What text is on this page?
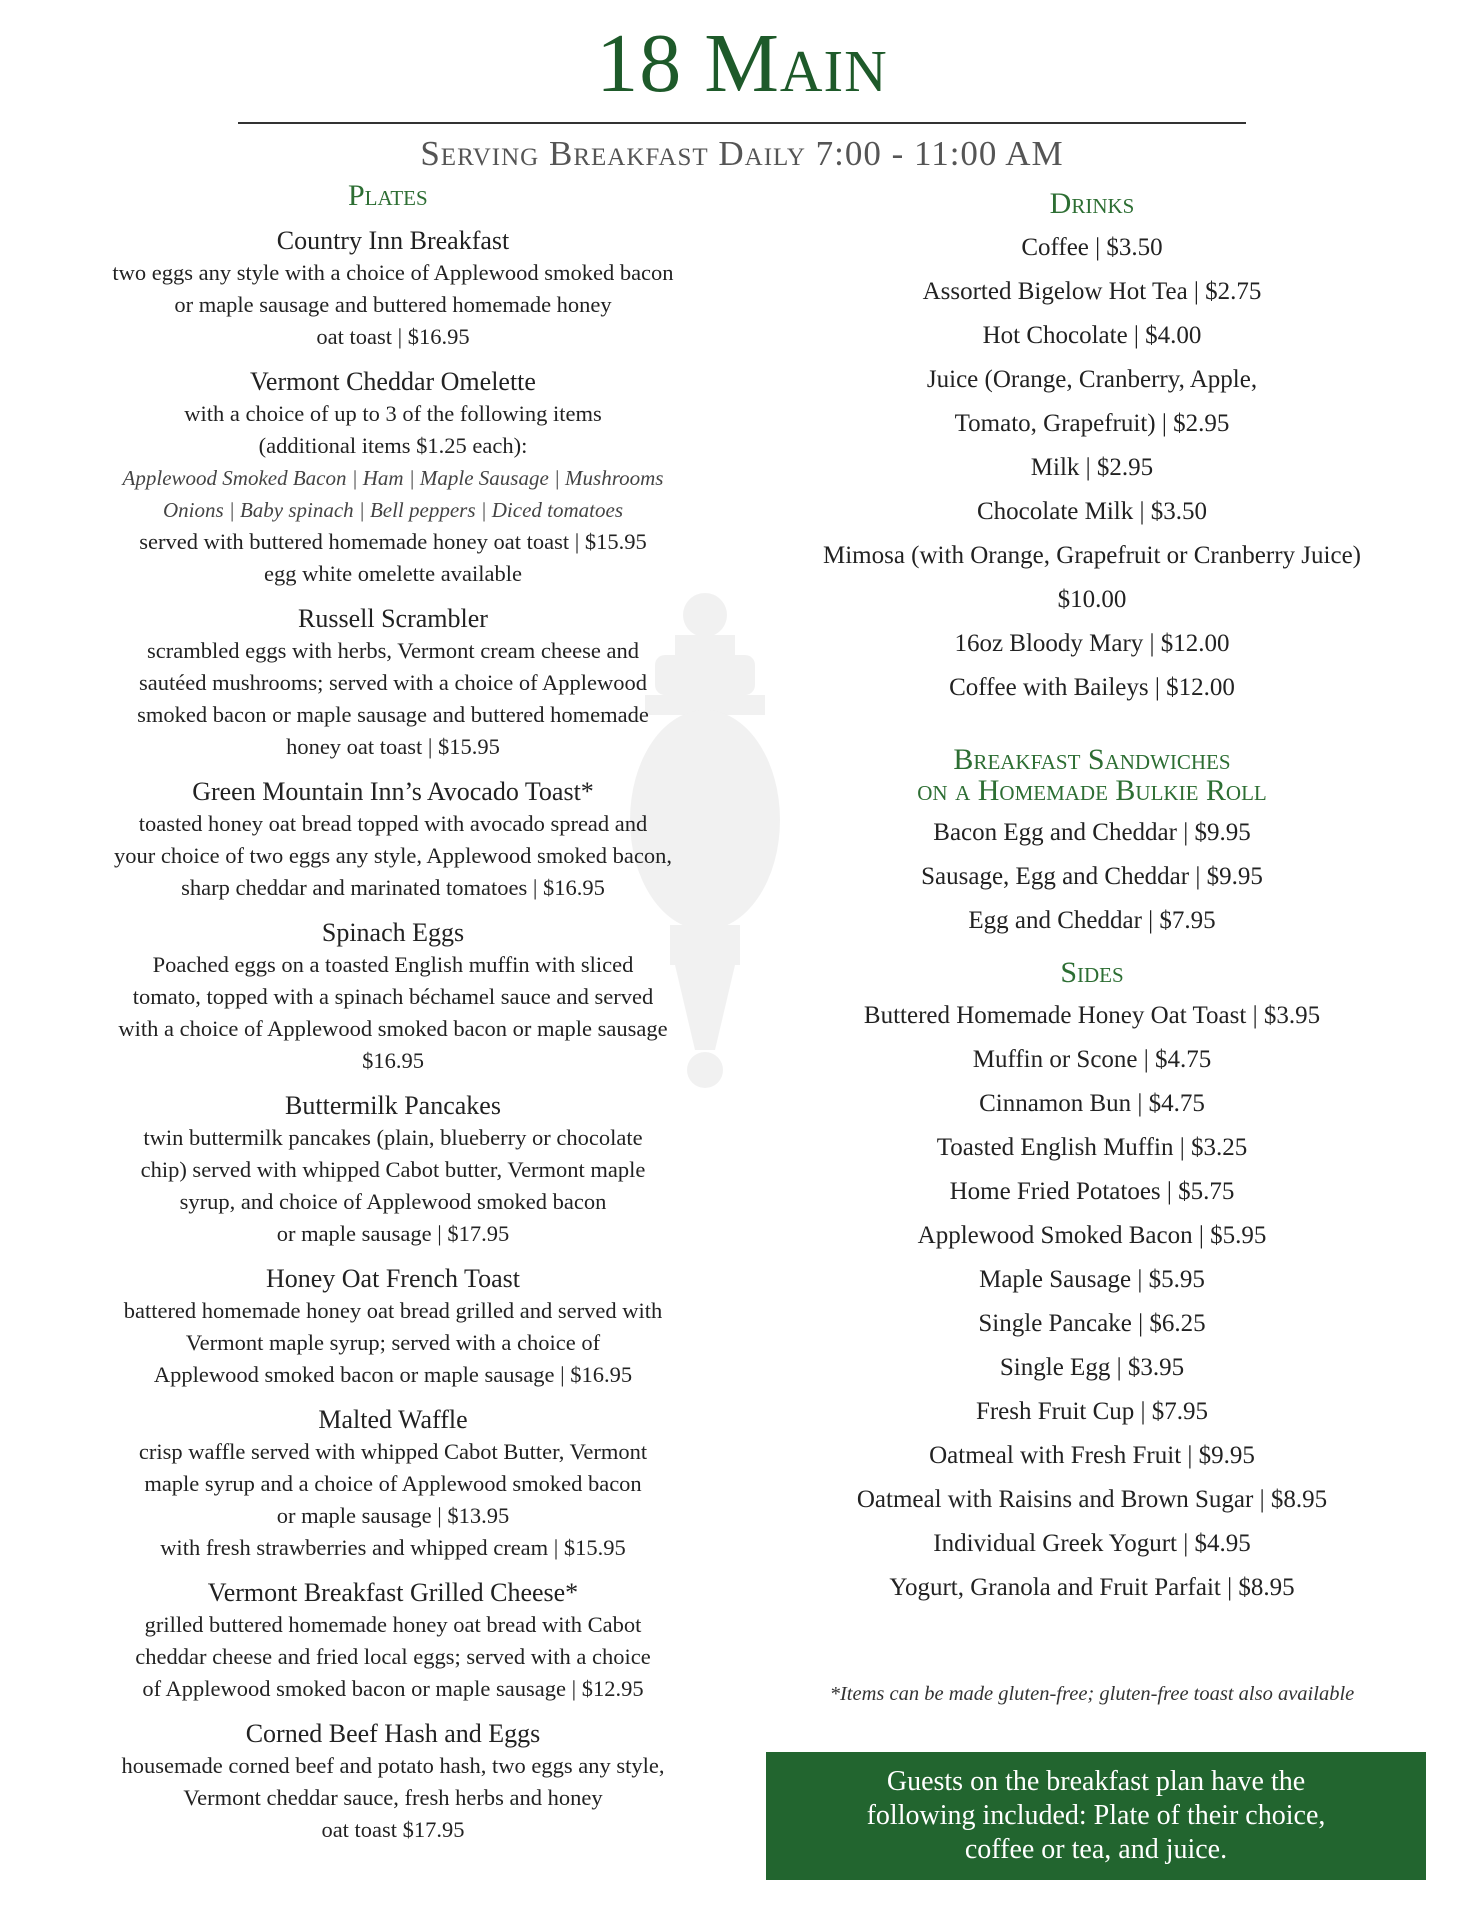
18 Main
Serving Breakfast Daily 7:00 - 11:00 AM
Plates
Country Inn Breakfast
two eggs any style with a choice of Applewood smoked bacon
or maple sausage and buttered homemade honey
oat toast | $16.95
Vermont Cheddar Omelette
with a choice of up to 3 of the following items
(additional items $1.25 each):
Applewood Smoked Bacon | Ham | Maple Sausage | Mushrooms
Onions | Baby spinach | Bell peppers | Diced tomatoes
served with buttered homemade honey oat toast | $15.95
egg white omelette available
Russell Scrambler
scrambled eggs with herbs, Vermont cream cheese and
sautéed mushrooms; served with a choice of Applewood
smoked bacon or maple sausage and buttered homemade
honey oat toast | $15.95
Green Mountain Inn’s Avocado Toast*
toasted honey oat bread topped with avocado spread and
your choice of two eggs any style, Applewood smoked bacon,
sharp cheddar and marinated tomatoes | $16.95
Spinach Eggs
Poached eggs on a toasted English muffin with sliced
tomato, topped with a spinach béchamel sauce and served
with a choice of Applewood smoked bacon or maple sausage
$16.95
Buttermilk Pancakes
twin buttermilk pancakes (plain, blueberry or chocolate
chip) served with whipped Cabot butter, Vermont maple
syrup, and choice of Applewood smoked bacon
or maple sausage | $17.95
Honey Oat French Toast
battered homemade honey oat bread grilled and served with
Vermont maple syrup; served with a choice of
Applewood smoked bacon or maple sausage | $16.95
Malted Waffle
crisp waffle served with whipped Cabot Butter, Vermont
maple syrup and a choice of Applewood smoked bacon
or maple sausage | $13.95
with fresh strawberries and whipped cream | $15.95
Vermont Breakfast Grilled Cheese*
grilled buttered homemade honey oat bread with Cabot
cheddar cheese and fried local eggs; served with a choice
of Applewood smoked bacon or maple sausage | $12.95
Corned Beef Hash and Eggs
housemade corned beef and potato hash, two eggs any style,
Vermont cheddar sauce, fresh herbs and honey
oat toast $17.95
Drinks
Coffee | $3.50
Assorted Bigelow Hot Tea | $2.75
Hot Chocolate | $4.00
Juice (Orange, Cranberry, Apple,
Tomato, Grapefruit) | $2.95
Milk | $2.95
Chocolate Milk | $3.50
Mimosa (with Orange, Grapefruit or Cranberry Juice)
$10.00
16oz Bloody Mary | $12.00
Coffee with Baileys | $12.00
Breakfast Sandwiches
on a Homemade Bulkie Roll
Bacon Egg and Cheddar | $9.95
Sausage, Egg and Cheddar | $9.95
Egg and Cheddar | $7.95
Sides
Buttered Homemade Honey Oat Toast | $3.95
Muffin or Scone | $4.75
Cinnamon Bun | $4.75
Toasted English Muffin | $3.25
Home Fried Potatoes | $5.75
Applewood Smoked Bacon | $5.95
Maple Sausage | $5.95
Single Pancake | $6.25
Single Egg | $3.95
Fresh Fruit Cup | $7.95
Oatmeal with Fresh Fruit | $9.95
Oatmeal with Raisins and Brown Sugar | $8.95
Individual Greek Yogurt | $4.95
Yogurt, Granola and Fruit Parfait | $8.95
*Items can be made gluten-free; gluten-free toast also available
Guests on the breakfast plan have the
following included: Plate of their choice,
coffee or tea, and juice.
